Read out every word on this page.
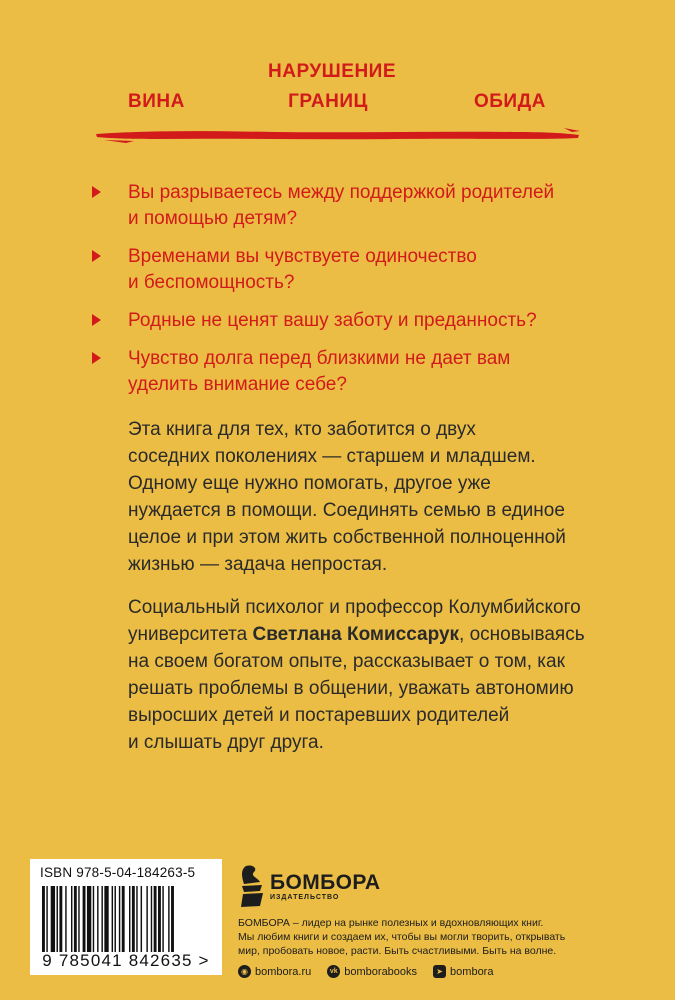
ВИНА
НАРУШЕНИЕ
ГРАНИЦ	ОБИДА
Вы разрываетесь между поддержкой родителей
и помощью детям?
Временами вы чувствуете одиночество
и беспомощность?
Родные не ценят вашу заботу и преданность?
Чувство долга перед близкими не дает вам
уделить внимание себе?

Эта книга для тех, кто заботится о двух
соседних поколениях — старшем и младшем.
Одному еще нужно помогать, другое уже
нуждается в помощи. Соединять семью в единое
целое и при этом жить собственной полноценной
жизнью — задача непростая.

Социальный психолог и профессор Колумбийского
университета Светлана Комиссарук, основываясь
на своем богатом опыте, рассказывает о том, как
решать проблемы в общении, уважать автономию
выросших детей и постаревших родителей
и слышать друг друга.

ISBN 978-5-04-184263-5
9 785041 842635 >
БОМБОРА
ИЗДАТЕЛЬСТВО
БОМБОРА – лидер на рынке полезных и вдохновляющих книг.
Мы любим книги и создаем их, чтобы вы могли творить, открывать
мир, пробовать новое, расти. Быть счастливыми. Быть на волне.
◉ bombora.ru	vk bomborabooks	➤ bombora
